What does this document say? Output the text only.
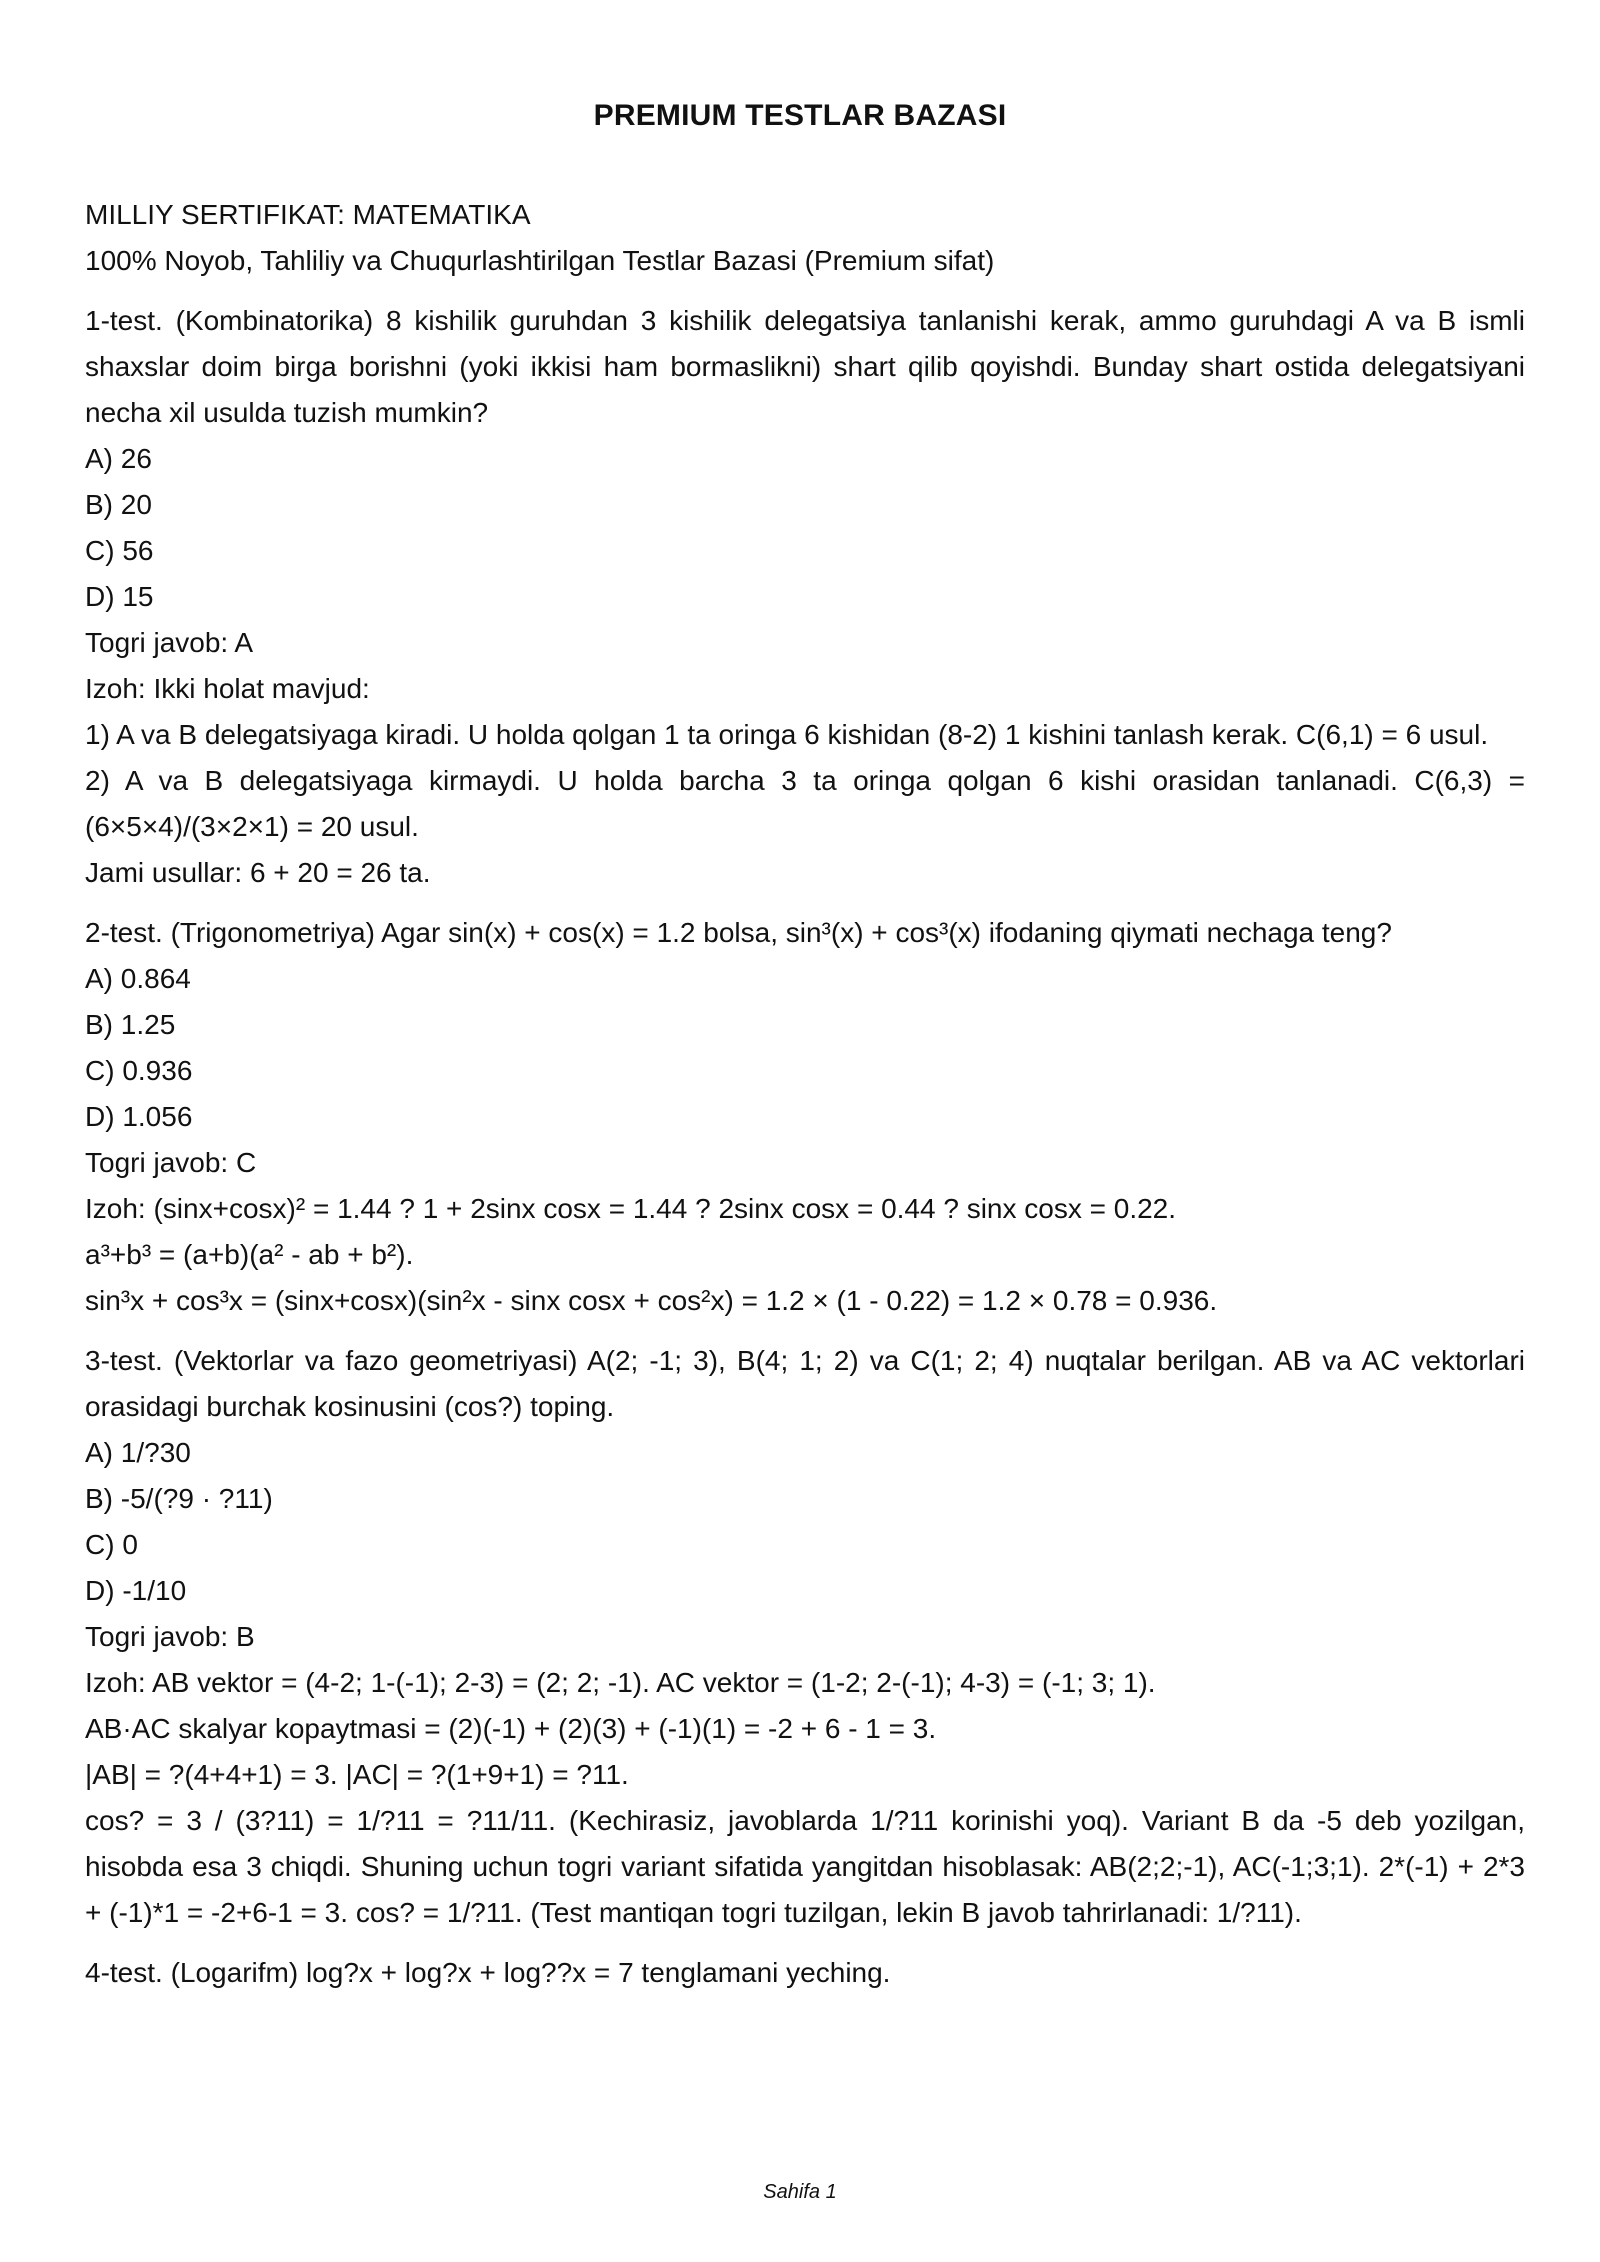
PREMIUM TESTLAR BAZASI

MILLIY SERTIFIKAT: MATEMATIKA

100% Noyob, Tahliliy va Chuqurlashtirilgan Testlar Bazasi (Premium sifat)

1-test. (Kombinatorika) 8 kishilik guruhdan 3 kishilik delegatsiya tanlanishi kerak, ammo guruhdagi A va B ismli shaxslar doim birga borishni (yoki ikkisi ham bormaslikni) shart qilib qoyishdi. Bunday shart ostida delegatsiyani necha xil usulda tuzish mumkin?

A) 26

B) 20

C) 56

D) 15

Togri javob: A

Izoh: Ikki holat mavjud:

1) A va B delegatsiyaga kiradi. U holda qolgan 1 ta oringa 6 kishidan (8-2) 1 kishini tanlash kerak. C(6,1) = 6 usul.

2) A va B delegatsiyaga kirmaydi. U holda barcha 3 ta oringa qolgan 6 kishi orasidan tanlanadi. C(6,3) = (6×5×4)/(3×2×1) = 20 usul.

Jami usullar: 6 + 20 = 26 ta.

2-test. (Trigonometriya) Agar sin(x) + cos(x) = 1.2 bolsa, sin³(x) + cos³(x) ifodaning qiymati nechaga teng?

A) 0.864

B) 1.25

C) 0.936

D) 1.056

Togri javob: C

Izoh: (sinx+cosx)² = 1.44 ? 1 + 2sinx cosx = 1.44 ? 2sinx cosx = 0.44 ? sinx cosx = 0.22.

a³+b³ = (a+b)(a² - ab + b²).

sin³x + cos³x = (sinx+cosx)(sin²x - sinx cosx + cos²x) = 1.2 × (1 - 0.22) = 1.2 × 0.78 = 0.936.

3-test. (Vektorlar va fazo geometriyasi) A(2; -1; 3), B(4; 1; 2) va C(1; 2; 4) nuqtalar berilgan. AB va AC vektorlari orasidagi burchak kosinusini (cos?) toping.

A) 1/?30

B) -5/(?9 · ?11)

C) 0

D) -1/10

Togri javob: B

Izoh: AB vektor = (4-2; 1-(-1); 2-3) = (2; 2; -1). AC vektor = (1-2; 2-(-1); 4-3) = (-1; 3; 1).

AB·AC skalyar kopaytmasi = (2)(-1) + (2)(3) + (-1)(1) = -2 + 6 - 1 = 3.

|AB| = ?(4+4+1) = 3. |AC| = ?(1+9+1) = ?11.

cos? = 3 / (3?11) = 1/?11 = ?11/11. (Kechirasiz, javoblarda 1/?11 korinishi yoq). Variant B da -5 deb yozilgan, hisobda esa 3 chiqdi. Shuning uchun togri variant sifatida yangitdan hisoblasak: AB(2;2;-1), AC(-1;3;1). 2*(-1) + 2*3 + (-1)*1 = -2+6-1 = 3. cos? = 1/?11. (Test mantiqan togri tuzilgan, lekin B javob tahrirlanadi: 1/?11).

4-test. (Logarifm) log?x + log?x + log??x = 7 tenglamani yeching.

Sahifa 1
